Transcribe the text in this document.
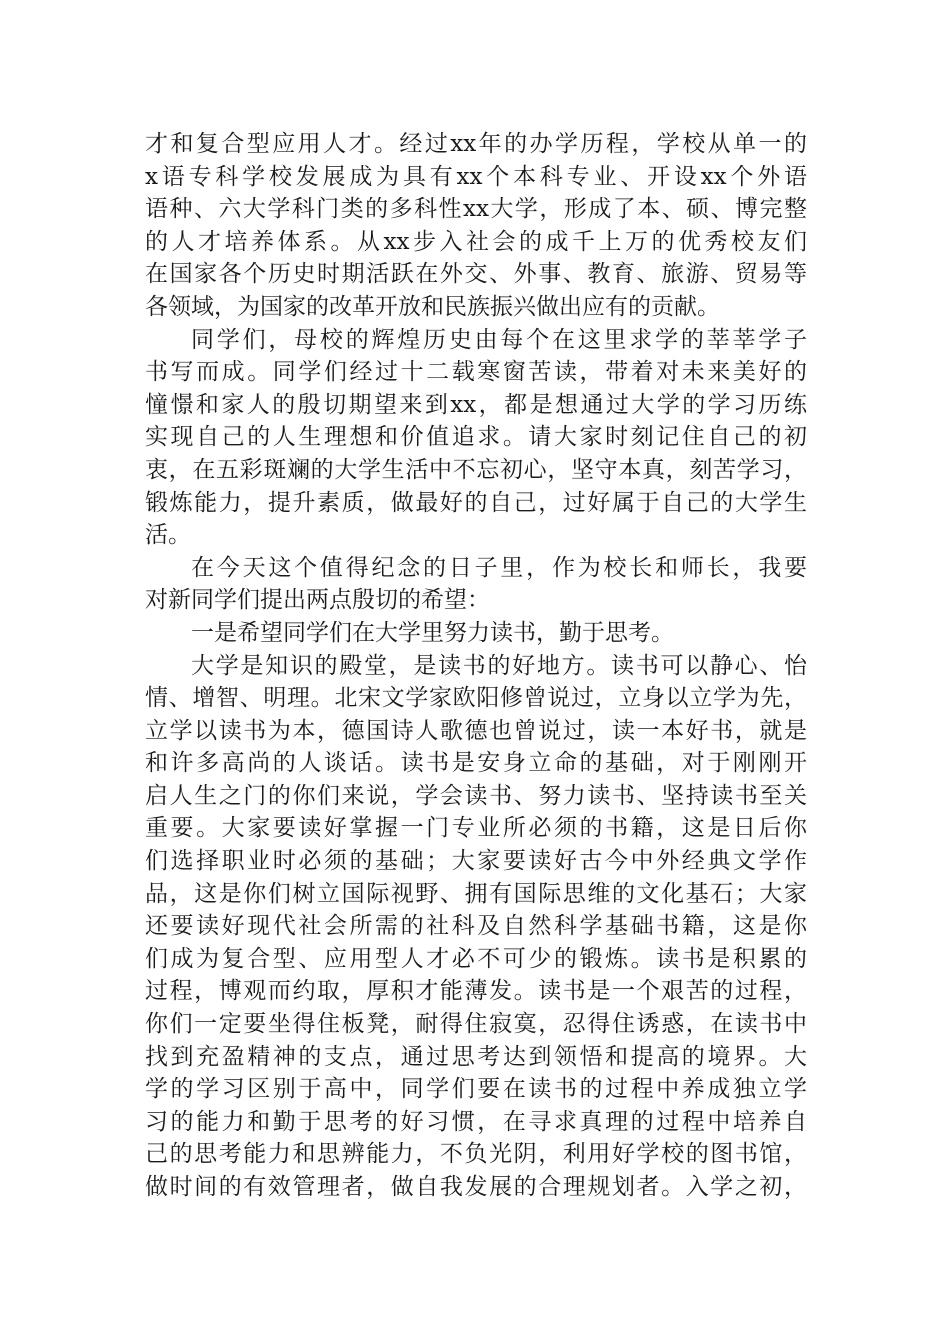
才和复合型应用人才。经过xx年的办学历程，学校从单一的
x语专科学校发展成为具有xx个本科专业、开设xx个外语
语种、六大学科门类的多科性xx大学，形成了本、硕、博完整
的人才培养体系。从xx步入社会的成千上万的优秀校友们
在国家各个历史时期活跃在外交、外事、教育、旅游、贸易等
各领域，为国家的改革开放和民族振兴做出应有的贡献。
同学们，母校的辉煌历史由每个在这里求学的莘莘学子
书写而成。同学们经过十二载寒窗苦读，带着对未来美好的
憧憬和家人的殷切期望来到xx，都是想通过大学的学习历练
实现自己的人生理想和价值追求。请大家时刻记住自己的初
衷，在五彩斑斓的大学生活中不忘初心，坚守本真，刻苦学习，
锻炼能力，提升素质，做最好的自己，过好属于自己的大学生
活。
在今天这个值得纪念的日子里，作为校长和师长，我要
对新同学们提出两点殷切的希望：
一是希望同学们在大学里努力读书，勤于思考。
大学是知识的殿堂，是读书的好地方。读书可以静心、怡
情、增智、明理。北宋文学家欧阳修曾说过，立身以立学为先，
立学以读书为本，德国诗人歌德也曾说过，读一本好书，就是
和许多高尚的人谈话。读书是安身立命的基础，对于刚刚开
启人生之门的你们来说，学会读书、努力读书、坚持读书至关
重要。大家要读好掌握一门专业所必须的书籍，这是日后你
们选择职业时必须的基础；大家要读好古今中外经典文学作
品，这是你们树立国际视野、拥有国际思维的文化基石；大家
还要读好现代社会所需的社科及自然科学基础书籍，这是你
们成为复合型、应用型人才必不可少的锻炼。读书是积累的
过程，博观而约取，厚积才能薄发。读书是一个艰苦的过程，
你们一定要坐得住板凳，耐得住寂寞，忍得住诱惑，在读书中
找到充盈精神的支点，通过思考达到领悟和提高的境界。大
学的学习区别于高中，同学们要在读书的过程中养成独立学
习的能力和勤于思考的好习惯，在寻求真理的过程中培养自
己的思考能力和思辨能力，不负光阴，利用好学校的图书馆，
做时间的有效管理者，做自我发展的合理规划者。入学之初，
